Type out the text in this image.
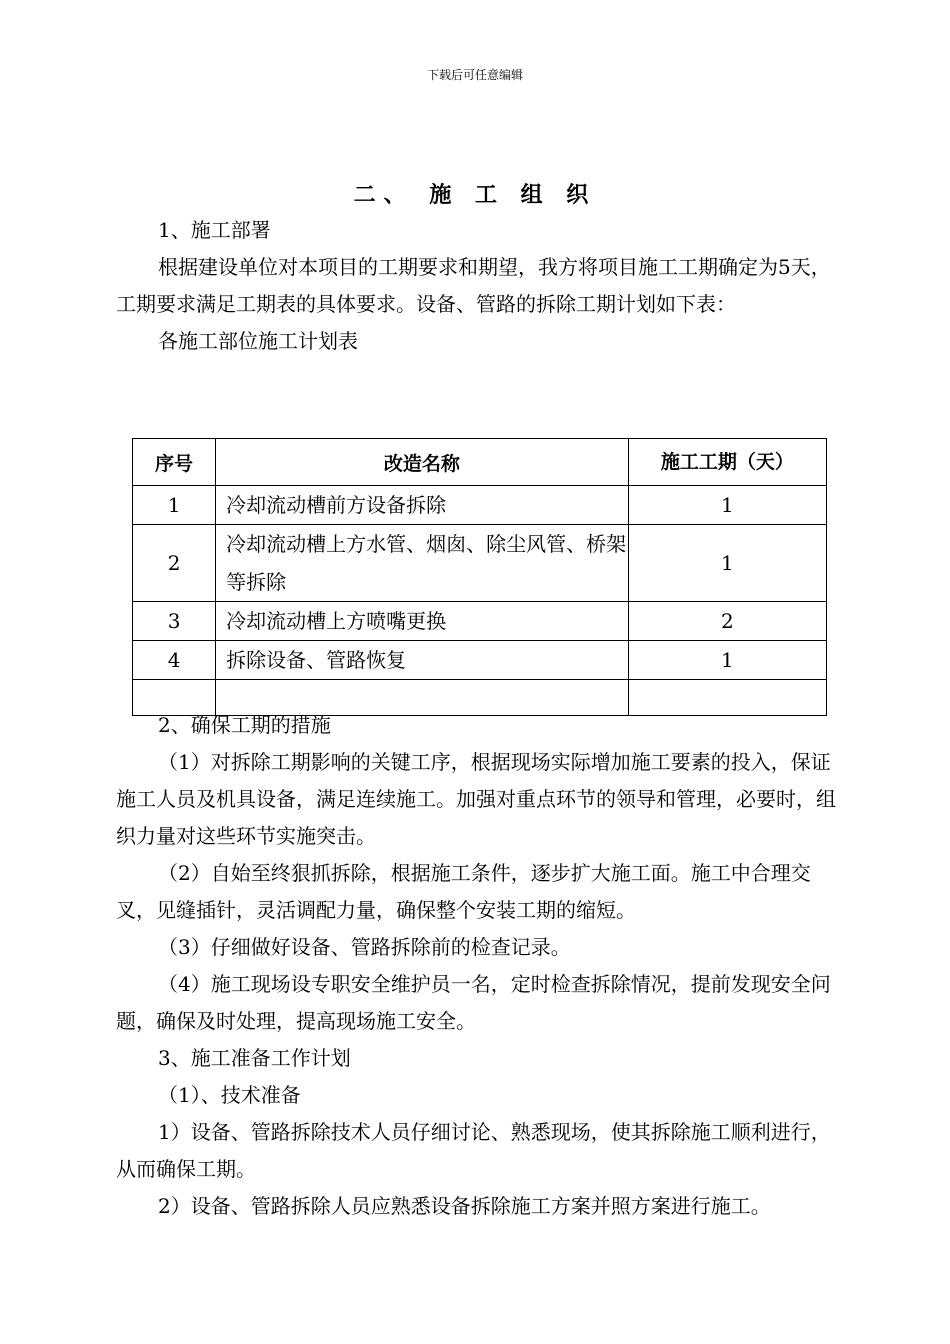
下载后可任意编辑
二、 施 工 组 织

1、施工部署

根据建设单位对本项目的工期要求和期望，我方将项目施工工期确定为5天，工期要求满足工期表的具体要求。设备、管路的拆除工期计划如下表：

各施工部位施工计划表

序号	改造名称	施工工期（天）
1	冷却流动槽前方设备拆除	1
2	冷却流动槽上方水管、烟囱、除尘风管、桥架等拆除	1
3	冷却流动槽上方喷嘴更换	2
4	拆除设备、管路恢复	1

2、确保工期的措施

（1）对拆除工期影响的关键工序，根据现场实际增加施工要素的投入，保证施工人员及机具设备，满足连续施工。加强对重点环节的领导和管理，必要时，组织力量对这些环节实施突击。

（2）自始至终狠抓拆除，根据施工条件，逐步扩大施工面。施工中合理交叉，见缝插针，灵活调配力量，确保整个安装工期的缩短。

（3）仔细做好设备、管路拆除前的检查记录。

（4）施工现场设专职安全维护员一名，定时检查拆除情况，提前发现安全问题，确保及时处理，提高现场施工安全。

3、施工准备工作计划

（1）、技术准备

1）设备、管路拆除技术人员仔细讨论、熟悉现场，使其拆除施工顺利进行，从而确保工期。

2）设备、管路拆除人员应熟悉设备拆除施工方案并照方案进行施工。
